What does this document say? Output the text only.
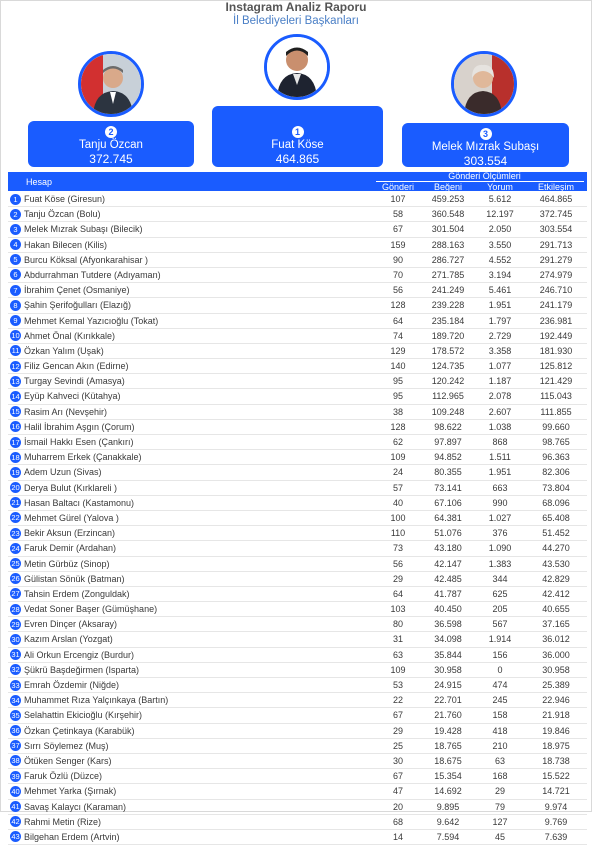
Instagram Analiz Raporu
İl Belediyeleri Başkanları
2
Tanju Özcan
372.745
1
Fuat Köse
464.865
3
Melek Mızrak Subaşı
303.554
Hesap
Gönderi Ölçümleri
Gönderi	Beğeni	Yorum	Etkileşim
1 Fuat Köse (Giresun)	107	459.253	5.612	464.865
2 Tanju Özcan (Bolu)	58	360.548	12.197	372.745
3 Melek Mızrak Subaşı (Bilecik)	67	301.504	2.050	303.554
4 Hakan Bilecen (Kilis)	159	288.163	3.550	291.713
5 Burcu Köksal (Afyonkarahisar )	90	286.727	4.552	291.279
6 Abdurrahman Tutdere (Adıyaman)	70	271.785	3.194	274.979
7 İbrahim Çenet (Osmaniye)	56	241.249	5.461	246.710
8 Şahin Şerifoğulları (Elazığ)	128	239.228	1.951	241.179
9 Mehmet Kemal Yazıcıoğlu (Tokat)	64	235.184	1.797	236.981
10 Ahmet Önal (Kırıkkale)	74	189.720	2.729	192.449
11 Özkan Yalım (Uşak)	129	178.572	3.358	181.930
12 Filiz Gencan Akın (Edirne)	140	124.735	1.077	125.812
13 Turgay Sevindi (Amasya)	95	120.242	1.187	121.429
14 Eyüp Kahveci (Kütahya)	95	112.965	2.078	115.043
15 Rasim Arı (Nevşehir)	38	109.248	2.607	111.855
16 Halil İbrahim Aşgın (Çorum)	128	98.622	1.038	99.660
17 İsmail Hakkı Esen (Çankırı)	62	97.897	868	98.765
18 Muharrem Erkek (Çanakkale)	109	94.852	1.511	96.363
19 Adem Uzun (Sivas)	24	80.355	1.951	82.306
20 Derya Bulut (Kırklareli )	57	73.141	663	73.804
21 Hasan Baltacı (Kastamonu)	40	67.106	990	68.096
22 Mehmet Gürel (Yalova )	100	64.381	1.027	65.408
23 Bekir Aksun (Erzincan)	110	51.076	376	51.452
24 Faruk Demir (Ardahan)	73	43.180	1.090	44.270
25 Metin Gürbüz (Sinop)	56	42.147	1.383	43.530
26 Gülistan Sönük (Batman)	29	42.485	344	42.829
27 Tahsin Erdem (Zonguldak)	64	41.787	625	42.412
28 Vedat Soner Başer (Gümüşhane)	103	40.450	205	40.655
29 Evren Dinçer (Aksaray)	80	36.598	567	37.165
30 Kazım Arslan (Yozgat)	31	34.098	1.914	36.012
31 Ali Orkun Ercengiz (Burdur)	63	35.844	156	36.000
32 Şükrü Başdeğirmen (Isparta)	109	30.958	0	30.958
33 Emrah Özdemir (Niğde)	53	24.915	474	25.389
34 Muhammet Rıza Yalçınkaya (Bartın)	22	22.701	245	22.946
35 Selahattin Ekicioğlu (Kırşehir)	67	21.760	158	21.918
36 Özkan Çetinkaya (Karabük)	29	19.428	418	19.846
37 Sırrı Söylemez (Muş)	25	18.765	210	18.975
38 Ötüken Senger (Kars)	30	18.675	63	18.738
39 Faruk Özlü (Düzce)	67	15.354	168	15.522
40 Mehmet Yarka (Şırnak)	47	14.692	29	14.721
41 Savaş Kalaycı (Karaman)	20	9.895	79	9.974
42 Rahmi Metin (Rize)	68	9.642	127	9.769
43 Bilgehan Erdem (Artvin)	14	7.594	45	7.639
